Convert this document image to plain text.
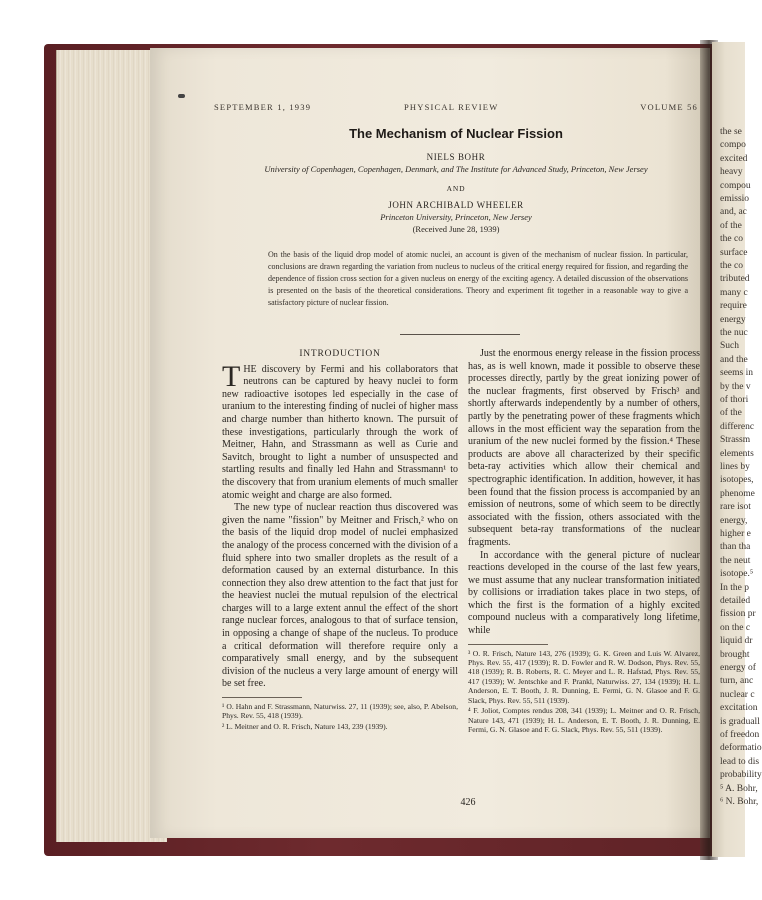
the se
compo
excited
heavy
compou
emissio
and, ac
of the
the co
surface
the co
tributed
many c
require
energy
the nuc
Such
and the
seems in
by the v
of thori
of the
differenc
Strassm
elements
lines by
isotopes,
phenome
rare isot
energy,
higher e
than tha
the neut
isotope.⁵
In the p
detailed
fission pr
on the c
liquid dr
brought
energy of
turn, anc
nuclear c
excitation
is graduall
of freedon
deformatio
lead to dis
probability
⁵ A. Bohr,
⁶ N. Bohr,
SEPTEMBER 1, 1939	PHYSICAL REVIEW	VOLUME 56
The Mechanism of Nuclear Fission
NIELS BOHR
University of Copenhagen, Copenhagen, Denmark, and The Institute for Advanced Study, Princeton, New Jersey
AND
JOHN ARCHIBALD WHEELER
Princeton University, Princeton, New Jersey
(Received June 28, 1939)
On the basis of the liquid drop model of atomic nuclei, an account is given of the mechanism of nuclear fission. In particular, conclusions are drawn regarding the variation from nucleus to nucleus of the critical energy required for fission, and regarding the dependence of fission cross section for a given nucleus on energy of the exciting agency. A detailed discussion of the observations is presented on the basis of the theoretical considerations. Theory and experiment fit together in a reasonable way to give a satisfactory picture of nuclear fission.
INTRODUCTION

THE discovery by Fermi and his collaborators that neutrons can be captured by heavy nuclei to form new radioactive isotopes led especially in the case of uranium to the interesting finding of nuclei of higher mass and charge number than hitherto known. The pursuit of these investigations, particularly through the work of Meitner, Hahn, and Strassmann as well as Curie and Savitch, brought to light a number of unsuspected and startling results and finally led Hahn and Strassmann¹ to the discovery that from uranium elements of much smaller atomic weight and charge are also formed.

The new type of nuclear reaction thus discovered was given the name "fission" by Meitner and Frisch,² who on the basis of the liquid drop model of nuclei emphasized the analogy of the process concerned with the division of a fluid sphere into two smaller droplets as the result of a deformation caused by an external disturbance. In this connection they also drew attention to the fact that just for the heaviest nuclei the mutual repulsion of the electrical charges will to a large extent annul the effect of the short range nuclear forces, analogous to that of surface tension, in opposing a change of shape of the nucleus. To produce a critical deformation will therefore require only a comparatively small energy, and by the subsequent division of the nucleus a very large amount of energy will be set free.

¹ O. Hahn and F. Strassmann, Naturwiss. 27, 11 (1939); see, also, P. Abelson, Phys. Rev. 55, 418 (1939).
² L. Meitner and O. R. Frisch, Nature 143, 239 (1939).

Just the enormous energy release in the fission process has, as is well known, made it possible to observe these processes directly, partly by the great ionizing power of the nuclear fragments, first observed by Frisch³ and shortly afterwards independently by a number of others, partly by the penetrating power of these fragments which allows in the most efficient way the separation from the uranium of the new nuclei formed by the fission.⁴ These products are above all characterized by their specific beta-ray activities which allow their chemical and spectrographic identification. In addition, however, it has been found that the fission process is accompanied by an emission of neutrons, some of which seem to be directly associated with the fission, others associated with the subsequent beta-ray transformations of the nuclear fragments.

In accordance with the general picture of nuclear reactions developed in the course of the last few years, we must assume that any nuclear transformation initiated by collisions or irradiation takes place in two steps, of which the first is the formation of a highly excited compound nucleus with a comparatively long lifetime, while

³ O. R. Frisch, Nature 143, 276 (1939); G. K. Green and Luis W. Alvarez, Phys. Rev. 55, 417 (1939); R. D. Fowler and R. W. Dodson, Phys. Rev. 55, 418 (1939); R. B. Roberts, R. C. Meyer and L. R. Hafstad, Phys. Rev. 55, 417 (1939); W. Jentschke and F. Prankl, Naturwiss. 27, 134 (1939); H. L. Anderson, E. T. Booth, J. R. Dunning, E. Fermi, G. N. Glasoe and F. G. Slack, Phys. Rev. 55, 511 (1939).
⁴ F. Joliot, Comptes rendus 208, 341 (1939); L. Meitner and O. R. Frisch, Nature 143, 471 (1939); H. L. Anderson, E. T. Booth, J. R. Dunning, E. Fermi, G. N. Glasoe and F. G. Slack, Phys. Rev. 55, 511 (1939).
426
